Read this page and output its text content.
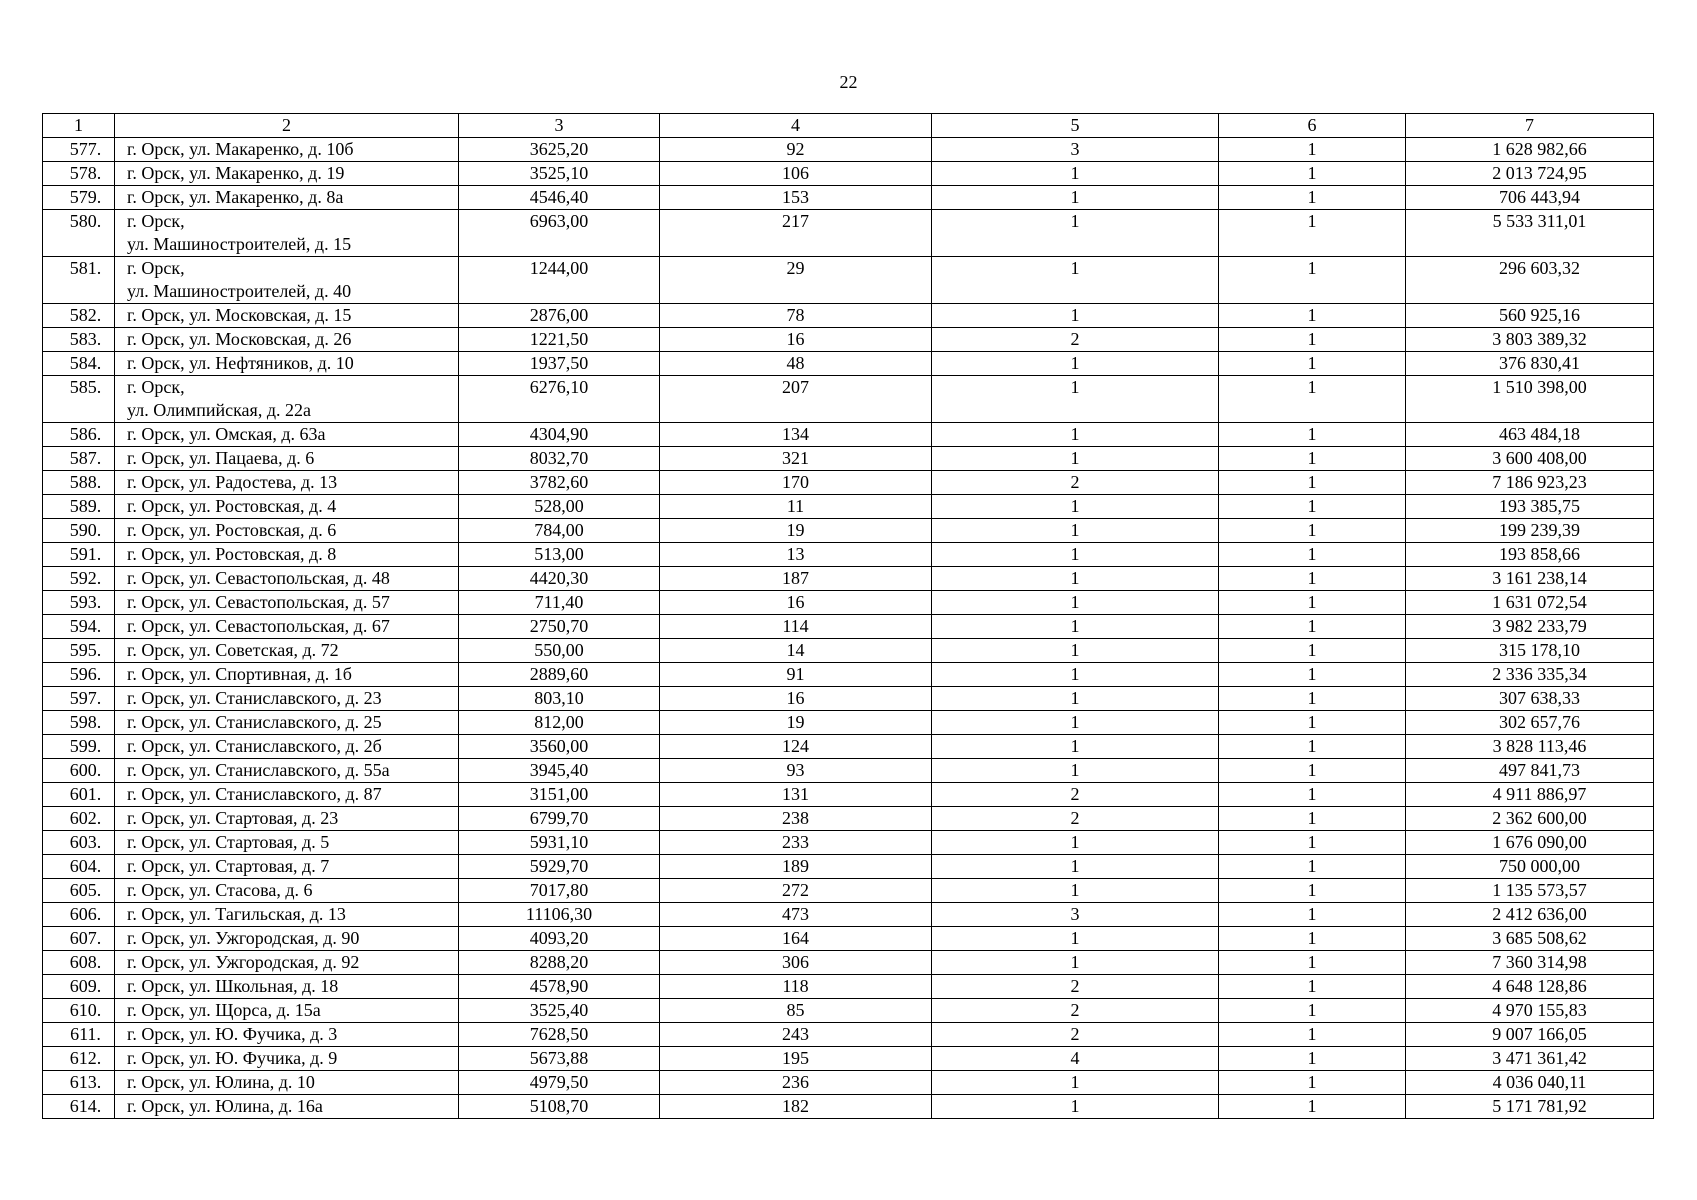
22
1	2	3	4	5	6	7
577.	г. Орск, ул. Макаренко, д. 10б	3625,20	92	3	1	1 628 982,66
578.	г. Орск, ул. Макаренко, д. 19	3525,10	106	1	1	2 013 724,95
579.	г. Орск, ул. Макаренко, д. 8а	4546,40	153	1	1	706 443,94
580.	г. Орск,
ул. Машиностроителей, д. 15	6963,00	217	1	1	5 533 311,01
581.	г. Орск,
ул. Машиностроителей, д. 40	1244,00	29	1	1	296 603,32
582.	г. Орск, ул. Московская, д. 15	2876,00	78	1	1	560 925,16
583.	г. Орск, ул. Московская, д. 26	1221,50	16	2	1	3 803 389,32
584.	г. Орск, ул. Нефтяников, д. 10	1937,50	48	1	1	376 830,41
585.	г. Орск,
ул. Олимпийская, д. 22а	6276,10	207	1	1	1 510 398,00
586.	г. Орск, ул. Омская, д. 63а	4304,90	134	1	1	463 484,18
587.	г. Орск, ул. Пацаева, д. 6	8032,70	321	1	1	3 600 408,00
588.	г. Орск, ул. Радостева, д. 13	3782,60	170	2	1	7 186 923,23
589.	г. Орск, ул. Ростовская, д. 4	528,00	11	1	1	193 385,75
590.	г. Орск, ул. Ростовская, д. 6	784,00	19	1	1	199 239,39
591.	г. Орск, ул. Ростовская, д. 8	513,00	13	1	1	193 858,66
592.	г. Орск, ул. Севастопольская, д. 48	4420,30	187	1	1	3 161 238,14
593.	г. Орск, ул. Севастопольская, д. 57	711,40	16	1	1	1 631 072,54
594.	г. Орск, ул. Севастопольская, д. 67	2750,70	114	1	1	3 982 233,79
595.	г. Орск, ул. Советская, д. 72	550,00	14	1	1	315 178,10
596.	г. Орск, ул. Спортивная, д. 1б	2889,60	91	1	1	2 336 335,34
597.	г. Орск, ул. Станиславского, д. 23	803,10	16	1	1	307 638,33
598.	г. Орск, ул. Станиславского, д. 25	812,00	19	1	1	302 657,76
599.	г. Орск, ул. Станиславского, д. 2б	3560,00	124	1	1	3 828 113,46
600.	г. Орск, ул. Станиславского, д. 55а	3945,40	93	1	1	497 841,73
601.	г. Орск, ул. Станиславского, д. 87	3151,00	131	2	1	4 911 886,97
602.	г. Орск, ул. Стартовая, д. 23	6799,70	238	2	1	2 362 600,00
603.	г. Орск, ул. Стартовая, д. 5	5931,10	233	1	1	1 676 090,00
604.	г. Орск, ул. Стартовая, д. 7	5929,70	189	1	1	750 000,00
605.	г. Орск, ул. Стасова, д. 6	7017,80	272	1	1	1 135 573,57
606.	г. Орск, ул. Тагильская, д. 13	11106,30	473	3	1	2 412 636,00
607.	г. Орск, ул. Ужгородская, д. 90	4093,20	164	1	1	3 685 508,62
608.	г. Орск, ул. Ужгородская, д. 92	8288,20	306	1	1	7 360 314,98
609.	г. Орск, ул. Школьная, д. 18	4578,90	118	2	1	4 648 128,86
610.	г. Орск, ул. Щорса, д. 15а	3525,40	85	2	1	4 970 155,83
611.	г. Орск, ул. Ю. Фучика, д. 3	7628,50	243	2	1	9 007 166,05
612.	г. Орск, ул. Ю. Фучика, д. 9	5673,88	195	4	1	3 471 361,42
613.	г. Орск, ул. Юлина, д. 10	4979,50	236	1	1	4 036 040,11
614.	г. Орск, ул. Юлина, д. 16а	5108,70	182	1	1	5 171 781,92
